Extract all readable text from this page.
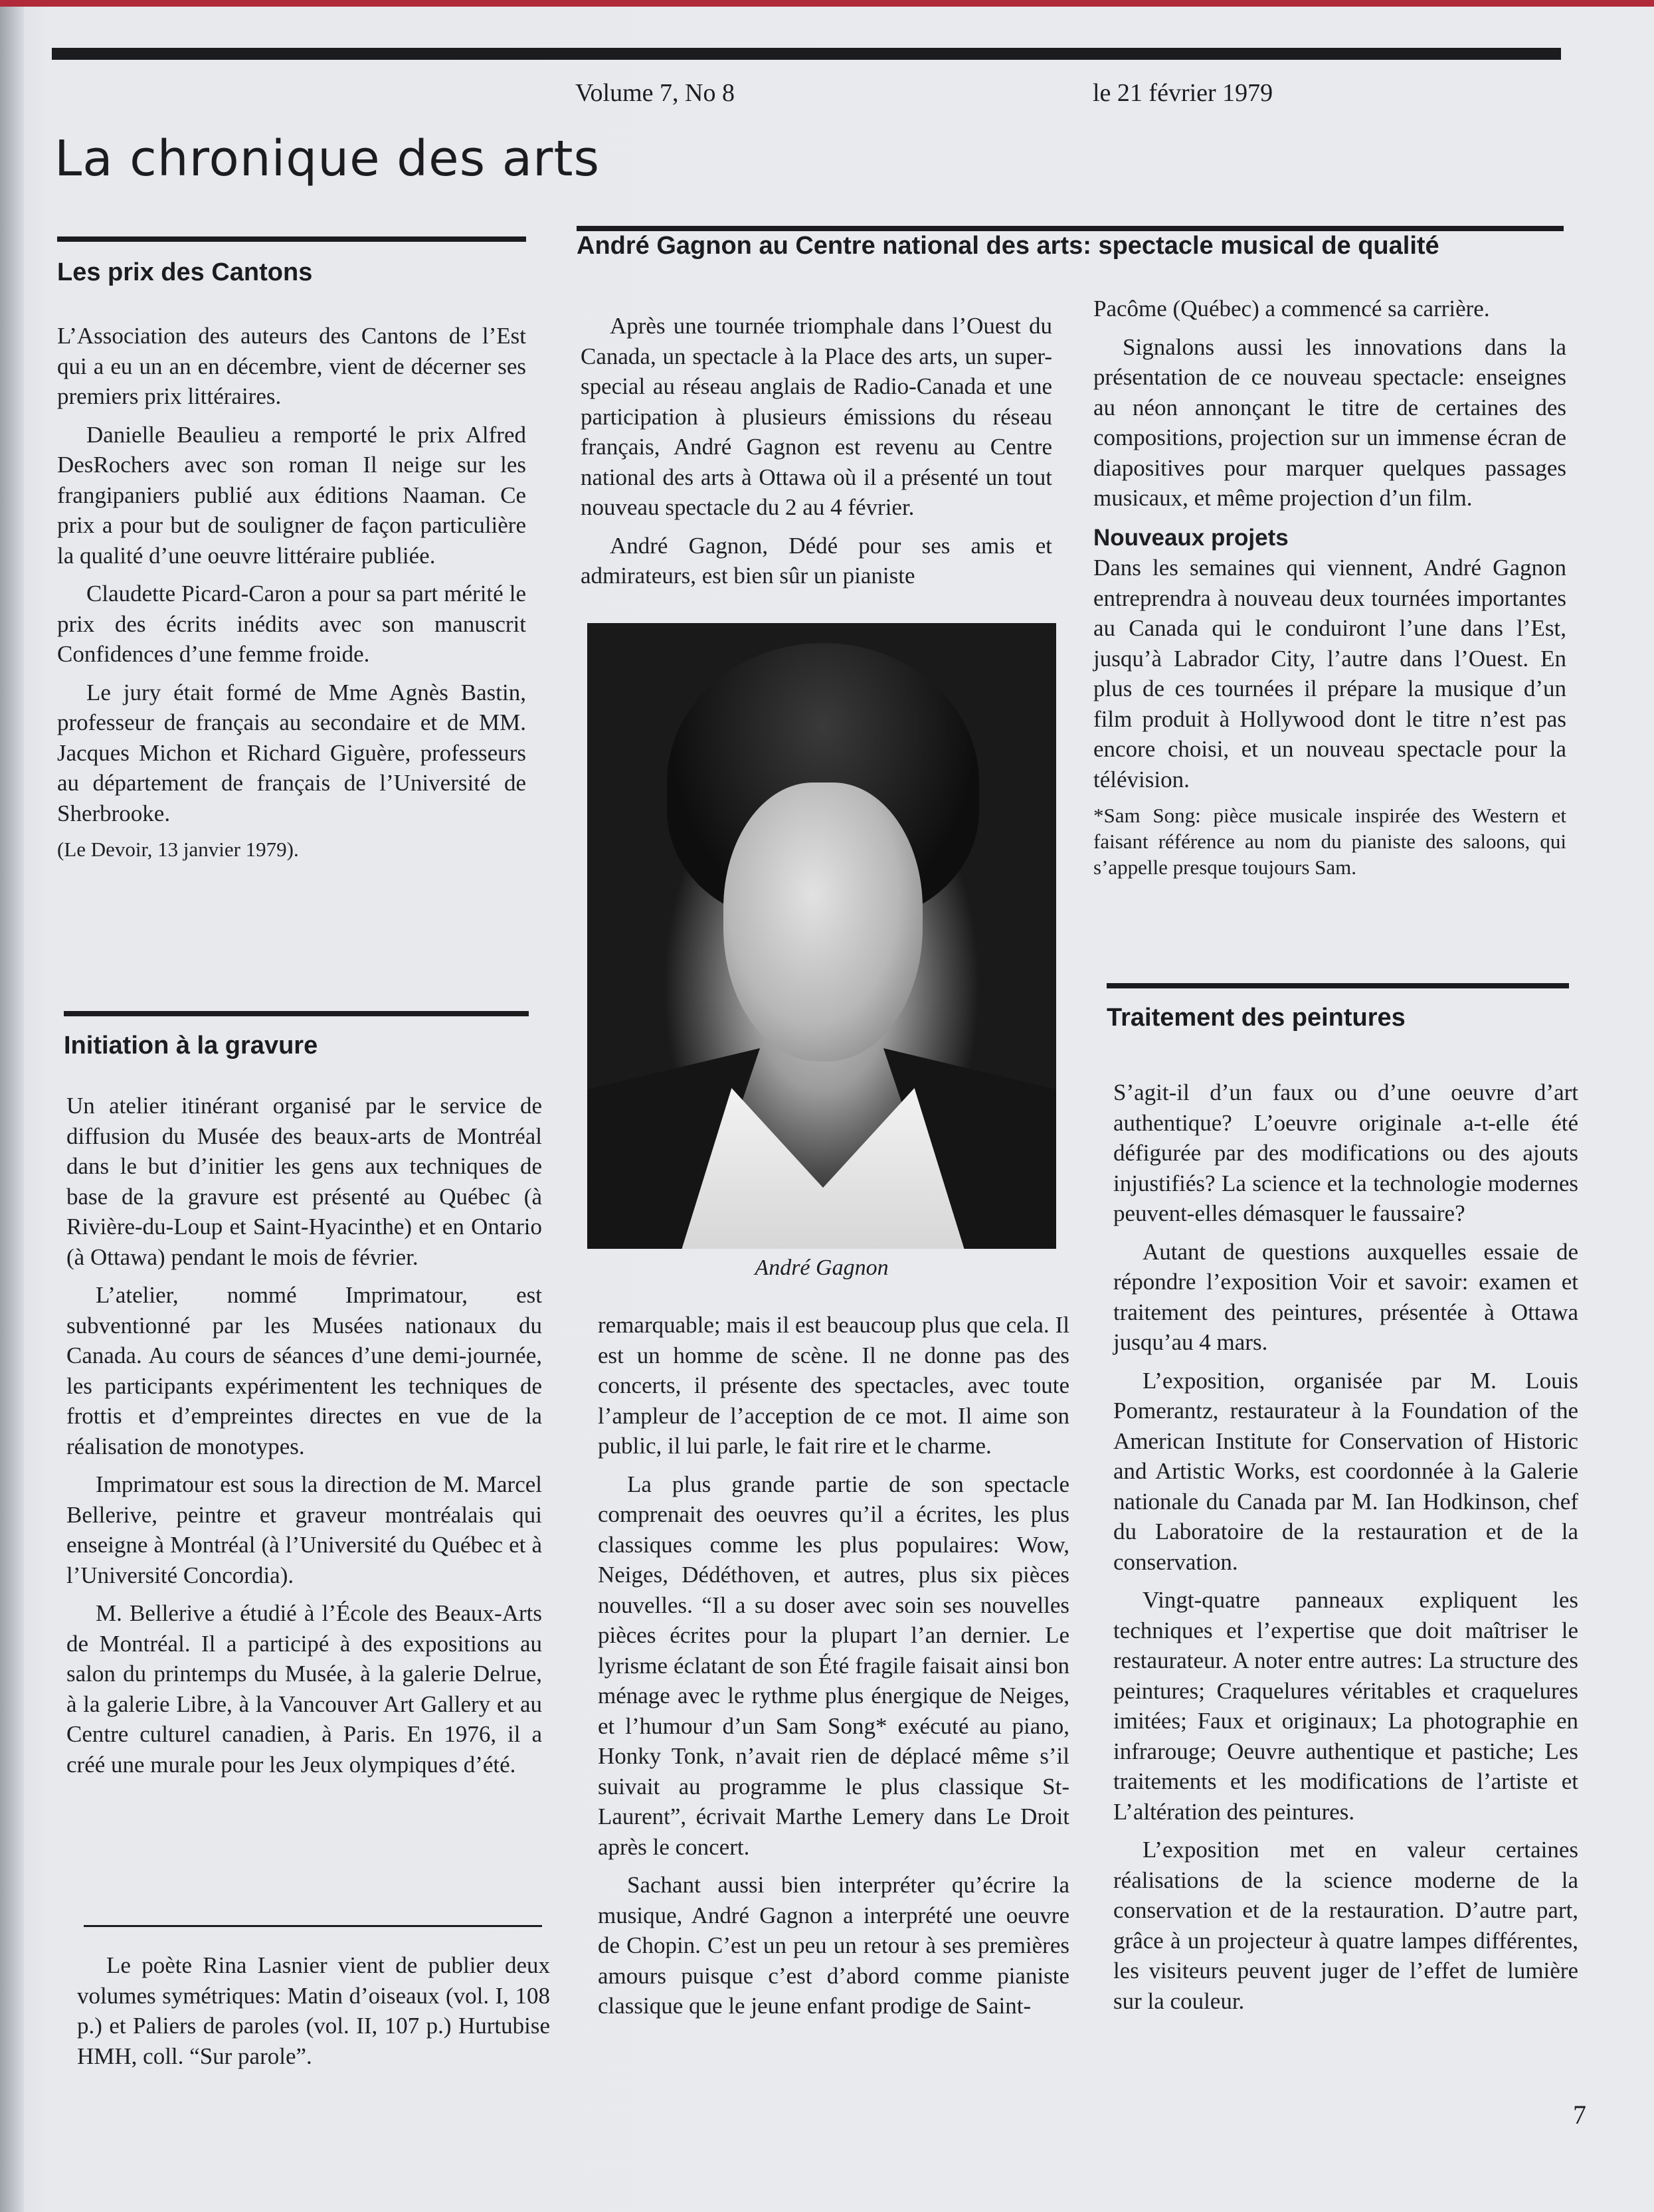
Volume 7, No 8	le 21 février 1979
La chronique des arts
Les prix des Cantons

L’Association des auteurs des Cantons de l’Est qui a eu un an en décembre, vient de décerner ses premiers prix littéraires.

Danielle Beaulieu a remporté le prix Alfred DesRochers avec son roman Il neige sur les frangipaniers publié aux éditions Naaman. Ce prix a pour but de souligner de façon particulière la qualité d’une oeuvre littéraire publiée.

Claudette Picard-Caron a pour sa part mérité le prix des écrits inédits avec son manuscrit Confidences d’une femme froide.

Le jury était formé de Mme Agnès Bastin, professeur de français au secondaire et de MM. Jacques Michon et Richard Giguère, professeurs au département de français de l’Université de Sherbrooke.

(Le Devoir, 13 janvier 1979).

Initiation à la gravure

Un atelier itinérant organisé par le service de diffusion du Musée des beaux-arts de Montréal dans le but d’initier les gens aux techniques de base de la gravure est présenté au Québec (à Rivière-du-Loup et Saint-Hyacinthe) et en Ontario (à Ottawa) pendant le mois de février.

L’atelier, nommé Imprimatour, est subventionné par les Musées nationaux du Canada. Au cours de séances d’une demi-journée, les participants expérimentent les techniques de frottis et d’empreintes directes en vue de la réalisation de monotypes.

Imprimatour est sous la direction de M. Marcel Bellerive, peintre et graveur montréalais qui enseigne à Montréal (à l’Université du Québec et à l’Université Concordia).

M. Bellerive a étudié à l’École des Beaux-Arts de Montréal. Il a participé à des expositions au salon du printemps du Musée, à la galerie Delrue, à la galerie Libre, à la Vancouver Art Gallery et au Centre culturel canadien, à Paris. En 1976, il a créé une murale pour les Jeux olympiques d’été.

Le poète Rina Lasnier vient de publier deux volumes symétriques: Matin d’oiseaux (vol. I, 108 p.) et Paliers de paroles (vol. II, 107 p.) Hurtubise HMH, coll. “Sur parole”.

André Gagnon au Centre national des arts: spectacle musical de qualité

Après une tournée triomphale dans l’Ouest du Canada, un spectacle à la Place des arts, un super-special au réseau anglais de Radio-Canada et une participation à plusieurs émissions du réseau français, André Gagnon est revenu au Centre national des arts à Ottawa où il a présenté un tout nouveau spectacle du 2 au 4 février.

André Gagnon, Dédé pour ses amis et admirateurs, est bien sûr un pianiste

André Gagnon

remarquable; mais il est beaucoup plus que cela. Il est un homme de scène. Il ne donne pas des concerts, il présente des spectacles, avec toute l’ampleur de l’acception de ce mot. Il aime son public, il lui parle, le fait rire et le charme.

La plus grande partie de son spectacle comprenait des oeuvres qu’il a écrites, les plus classiques comme les plus populaires: Wow, Neiges, Dédéthoven, et autres, plus six pièces nouvelles. “Il a su doser avec soin ses nouvelles pièces écrites pour la plupart l’an dernier. Le lyrisme éclatant de son Été fragile faisait ainsi bon ménage avec le rythme plus énergique de Neiges, et l’humour d’un Sam Song* exécuté au piano, Honky Tonk, n’avait rien de déplacé même s’il suivait au programme le plus classique St-Laurent”, écrivait Marthe Lemery dans Le Droit après le concert.

Sachant aussi bien interpréter qu’écrire la musique, André Gagnon a interprété une oeuvre de Chopin. C’est un peu un retour à ses premières amours puisque c’est d’abord comme pianiste classique que le jeune enfant prodige de Saint-

Pacôme (Québec) a commencé sa carrière.

Signalons aussi les innovations dans la présentation de ce nouveau spectacle: enseignes au néon annonçant le titre de certaines des compositions, projection sur un immense écran de diapositives pour marquer quelques passages musicaux, et même projection d’un film.

Nouveaux projets

Dans les semaines qui viennent, André Gagnon entreprendra à nouveau deux tournées importantes au Canada qui le conduiront l’une dans l’Est, jusqu’à Labrador City, l’autre dans l’Ouest. En plus de ces tournées il prépare la musique d’un film produit à Hollywood dont le titre n’est pas encore choisi, et un nouveau spectacle pour la télévision.

*Sam Song: pièce musicale inspirée des Western et faisant référence au nom du pianiste des saloons, qui s’appelle presque toujours Sam.

Traitement des peintures

S’agit-il d’un faux ou d’une oeuvre d’art authentique? L’oeuvre originale a-t-elle été défigurée par des modifications ou des ajouts injustifiés? La science et la technologie modernes peuvent-elles démasquer le faussaire?

Autant de questions auxquelles essaie de répondre l’exposition Voir et savoir: examen et traitement des peintures, présentée à Ottawa jusqu’au 4 mars.

L’exposition, organisée par M. Louis Pomerantz, restaurateur à la Foundation of the American Institute for Conservation of Historic and Artistic Works, est coordonnée à la Galerie nationale du Canada par M. Ian Hodkinson, chef du Laboratoire de la restauration et de la conservation.

Vingt-quatre panneaux expliquent les techniques et l’expertise que doit maîtriser le restaurateur. A noter entre autres: La structure des peintures; Craquelures véritables et craquelures imitées; Faux et originaux; La photographie en infrarouge; Oeuvre authentique et pastiche; Les traitements et les modifications de l’artiste et L’altération des peintures.

L’exposition met en valeur certaines réalisations de la science moderne de la conservation et de la restauration. D’autre part, grâce à un projecteur à quatre lampes différentes, les visiteurs peuvent juger de l’effet de lumière sur la couleur.

7
